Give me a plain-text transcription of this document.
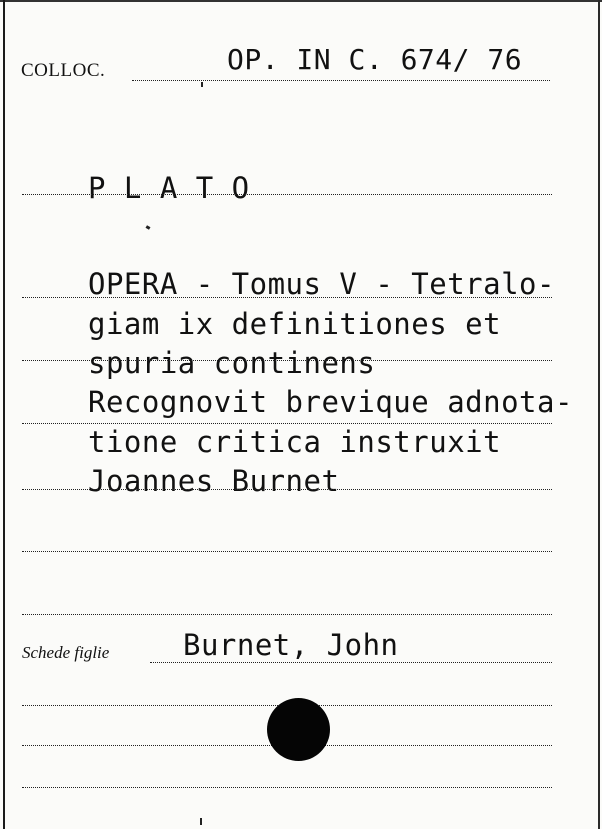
COLLOC.	OP. IN C. 674/ 76
P L A T O
OPERA - Tomus V - Tetralo-
giam ix definitiones et
spuria continens
Recognovit brevique adnota-
tione critica instruxit
Joannes Burnet
Schede figlie	Burnet, John
